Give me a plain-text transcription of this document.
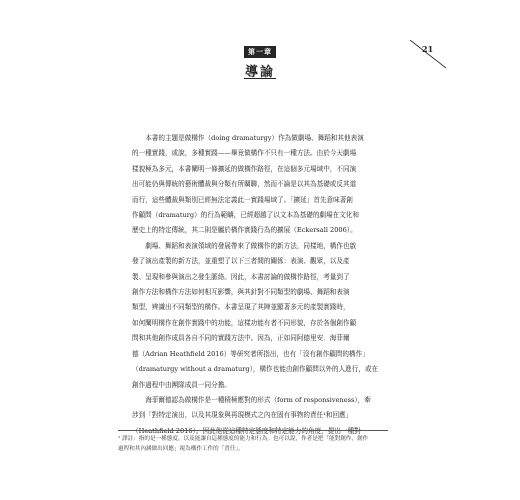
21
第一章
導論

本書的主題是做構作（doing dramaturgy）作為做劇場、舞蹈和其他表演
的一種實踐，或說，多種實踐——畢竟做構作不只有一種方法。由於今天劇場
樣貌極為多元，本書闡明一條擴延的做構作路徑，在這個多元場域中，不同演
出可能仍與傳統的藝術體裁與分類有所關聯，然而不論是以其為基礎或反其道
而行，這些體裁與類別已經無法定義此一實踐場域了。「擴延」首先意味著創
作顧問（dramaturg）的行為範疇，已經超越了以文本為基礎的劇場在文化和
歷史上的特定傳統，其二則是屬於構作實踐行為的擴展（Eckersall 2006）。

劇場、舞蹈和表演領域的發展帶來了做構作的新方法，同樣地，構作也啟
發了演出產製的新方法，並重塑了以下三者間的關係：表演、觀眾，以及產
製、呈現和參與演出之發生脈絡。因此，本書討論的做構作路徑，考量到了
創作方法和構作方法如何相互影響，與其針對不同類型的劇場、舞蹈和表演
類型，辨識出不同類型的構作。本書呈現了其陣並顯著多元的產製實踐時，
如何闡明構作在創作實踐中的功能，這樣功能有者不同形貌，存於各個創作顧
問和其他創作成員各自不同的實踐方法中。因為，正如同阿德里安．海菲爾
德（Adrian Heathfield 2016）等研究者所指出，也有「沒有創作顧問的構作」
（dramaturgy without a dramaturg），構作也能由創作顧問以外的人進行，或在
創作過程中由團隊成員一同分擔。

海菲爾德認為做構作是一種積極應對的形式（form of responsiveness），牽
涉到「對特定演出，以及其現象與再現模式之內在固有事物的責任¹和回應」
（Heathfield 2016）。因此他從這種特定態度和特定能力的角度，提出一種對

¹ 譯註：指的是一種態度，以及能讓自這種態度的能力和行為。也可以說，作者是把「能對創作，創作
過程和其內涵做出回應」視為構作工作的「責任」。
